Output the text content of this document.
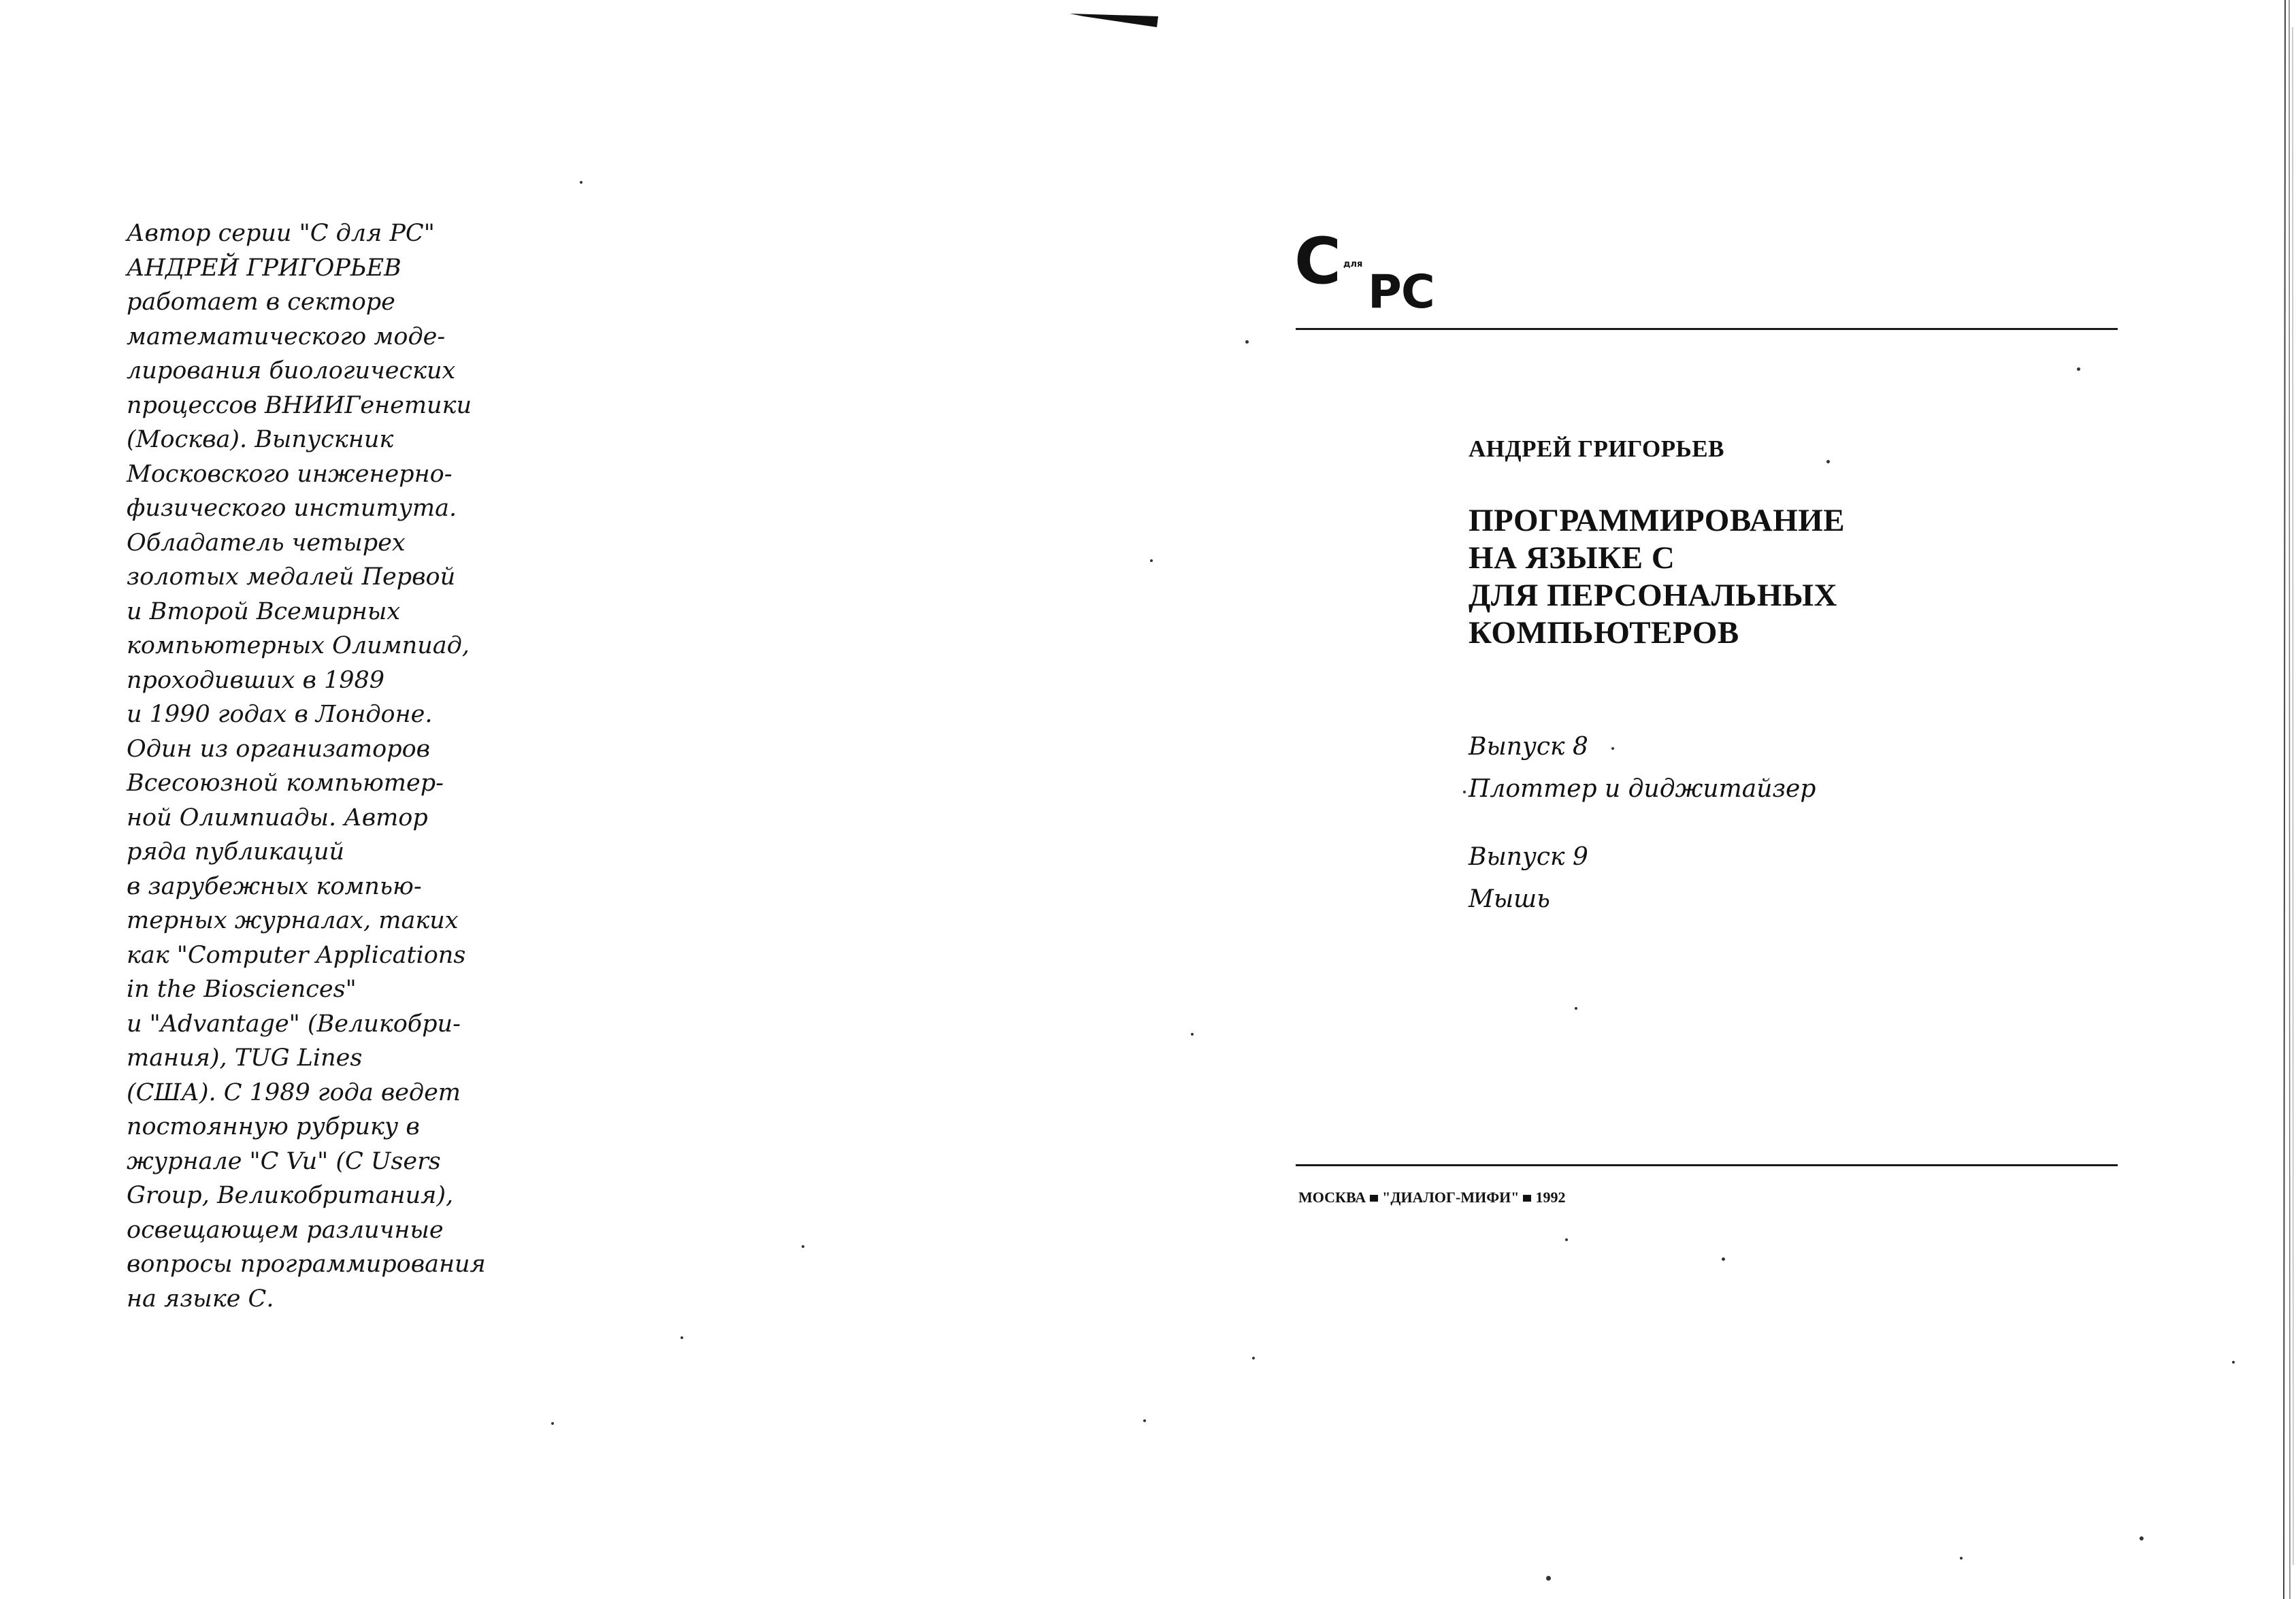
Автор серии "C для PC"
АНДРЕЙ ГРИГОРЬЕВ
работает в секторе
математического моде-
лирования биологических
процессов ВНИИГенетики
(Москва). Выпускник
Московского инженерно-
физического института.
Обладатель четырех
золотых медалей Первой
и Второй Всемирных
компьютерных Олимпиад,
проходивших в 1989
и 1990 годах в Лондоне.
Один из организаторов
Всесоюзной компьютер-
ной Олимпиады. Автор
ряда публикаций
в зарубежных компью-
терных журналах, таких
как "Computer Applications
in the Biosciences"
и "Advantage" (Великобри-
тания), TUG Lines
(США). С 1989 года ведет
постоянную рубрику в
журнале "C Vu" (C Users
Group, Великобритания),
освещающем различные
вопросы программирования
на языке С.
C для
PC
АНДРЕЙ ГРИГОРЬЕВ
ПРОГРАММИРОВАНИЕ
НА ЯЗЫКЕ С
ДЛЯ ПЕРСОНАЛЬНЫХ
КОМПЬЮТЕРОВ
Выпуск 8
Плоттер и диджитайзер
Выпуск 9
Мышь
МОСКВА "ДИАЛОГ-МИФИ" 1992
